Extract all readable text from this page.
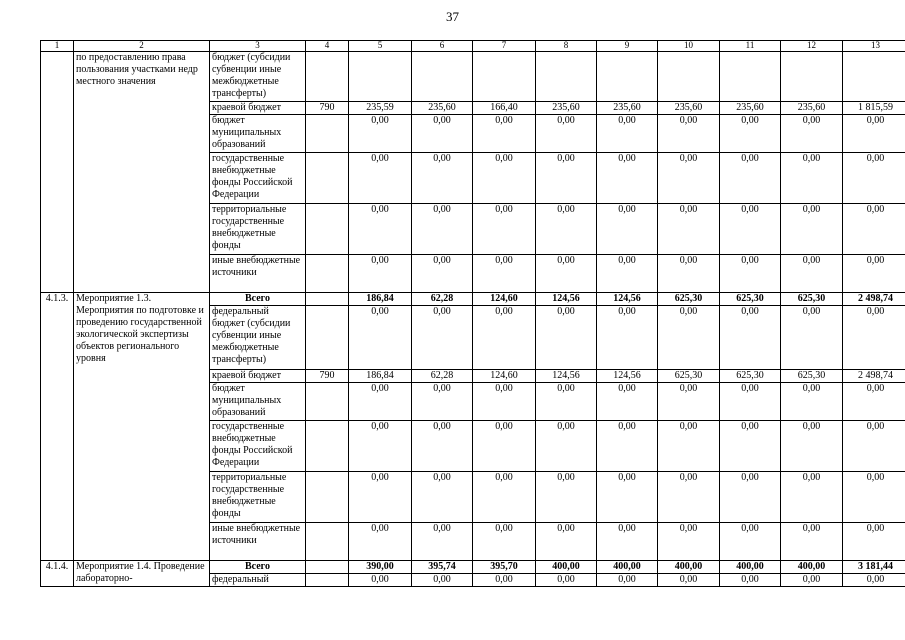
37
1	2	3	4	5	6	7	8	9	10	11	12	13
	по предоставлению права пользования участками недр местного значения	бюджет (субсидии субвенции иные межбюджетные трансферты)										
		краевой бюджет	790	235,59	235,60	166,40	235,60	235,60	235,60	235,60	235,60	1 815,59
		бюджет муниципальных образований		0,00	0,00	0,00	0,00	0,00	0,00	0,00	0,00	0,00
		государственные внебюджетные фонды Российской Федерации		0,00	0,00	0,00	0,00	0,00	0,00	0,00	0,00	0,00
		территориальные государственные внебюджетные фонды		0,00	0,00	0,00	0,00	0,00	0,00	0,00	0,00	0,00
		иные внебюджетные источники		0,00	0,00	0,00	0,00	0,00	0,00	0,00	0,00	0,00
4.1.3.	Мероприятие 1.3. Мероприятия по подготовке и проведению государственной экологической экспертизы объектов регионального уровня	Всего		186,84	62,28	124,60	124,56	124,56	625,30	625,30	625,30	2 498,74
		федеральный бюджет (субсидии субвенции иные межбюджетные трансферты)		0,00	0,00	0,00	0,00	0,00	0,00	0,00	0,00	0,00
		краевой бюджет	790	186,84	62,28	124,60	124,56	124,56	625,30	625,30	625,30	2 498,74
		бюджет муниципальных образований		0,00	0,00	0,00	0,00	0,00	0,00	0,00	0,00	0,00
		государственные внебюджетные фонды Российской Федерации		0,00	0,00	0,00	0,00	0,00	0,00	0,00	0,00	0,00
		территориальные государственные внебюджетные фонды		0,00	0,00	0,00	0,00	0,00	0,00	0,00	0,00	0,00
		иные внебюджетные источники		0,00	0,00	0,00	0,00	0,00	0,00	0,00	0,00	0,00
4.1.4.	Мероприятие 1.4. Проведение лабораторно-	Всего		390,00	395,74	395,70	400,00	400,00	400,00	400,00	400,00	3 181,44
		федеральный		0,00	0,00	0,00	0,00	0,00	0,00	0,00	0,00	0,00
